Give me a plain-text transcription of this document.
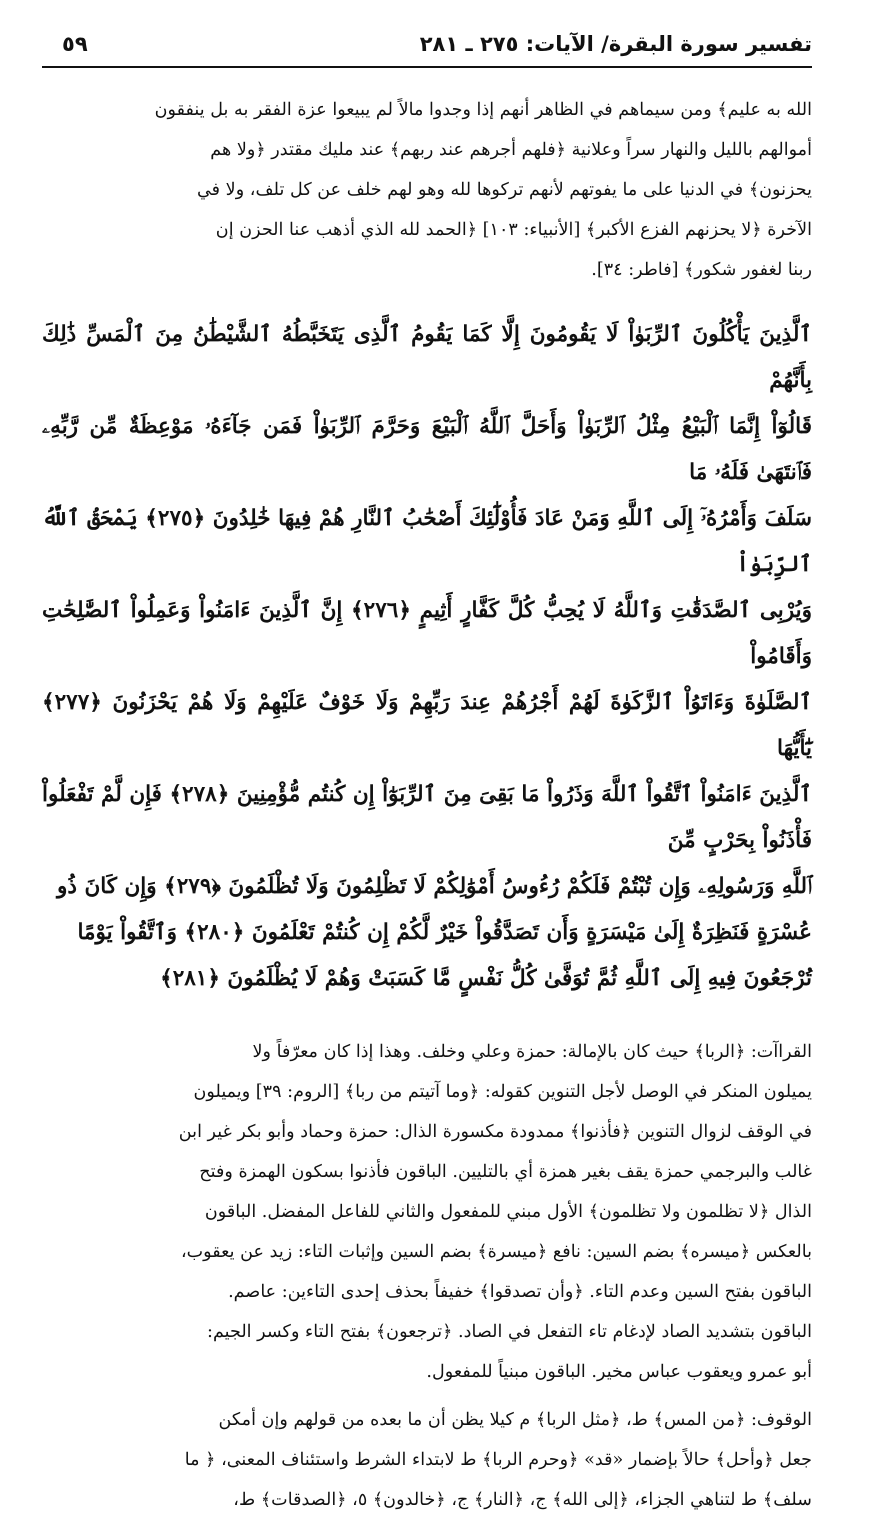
تفسير سورة البقرة/ الآيات: ٢٧٥ ـ ٢٨١
٥٩

الله به عليم﴾ ومن سيماهم في الظاهر أنهم إذا وجدوا مالاً لم يبيعوا عزة الفقر به بل ينفقون
أموالهم بالليل والنهار سراً وعلانية ﴿فلهم أجرهم عند ربهم﴾ عند مليك مقتدر ﴿ولا هم
يحزنون﴾ في الدنيا على ما يفوتهم لأنهم تركوها لله وهو لهم خلف عن كل تلف، ولا في
الآخرة ﴿لا يحزنهم الفزع الأكبر﴾ [الأنبياء: ١٠٣] ﴿الحمد لله الذي أذهب عنا الحزن إن
ربنا لغفور شكور﴾ [فاطر: ٣٤].

ٱلَّذِينَ يَأْكُلُونَ ٱلرِّبَوٰاْ لَا يَقُومُونَ إِلَّا كَمَا يَقُومُ ٱلَّذِى يَتَخَبَّطُهُ ٱلشَّيْطَٰنُ مِنَ ٱلْمَسِّ ذَٰلِكَ بِأَنَّهُمْ
قَالُوٓاْ إِنَّمَا ٱلْبَيْعُ مِثْلُ ٱلرِّبَوٰاْ وَأَحَلَّ ٱللَّهُ ٱلْبَيْعَ وَحَرَّمَ ٱلرِّبَوٰاْ فَمَن جَآءَهُۥ مَوْعِظَةٌ مِّن رَّبِّهِۦ فَٱنتَهَىٰ فَلَهُۥ مَا
سَلَفَ وَأَمْرُهُۥٓ إِلَى ٱللَّهِ وَمَنْ عَادَ فَأُوْلَٰٓئِكَ أَصْحَٰبُ ٱلنَّارِ هُمْ فِيهَا خَٰلِدُونَ ﴿٢٧٥﴾ يَمْحَقُ ٱللَّهُ ٱلرِّبَوٰاْ
وَيُرْبِى ٱلصَّدَقَٰتِ وَٱللَّهُ لَا يُحِبُّ كُلَّ كَفَّارٍ أَثِيمٍ ﴿٢٧٦﴾ إِنَّ ٱلَّذِينَ ءَامَنُواْ وَعَمِلُواْ ٱلصَّٰلِحَٰتِ وَأَقَامُواْ
ٱلصَّلَوٰةَ وَءَاتَوُاْ ٱلزَّكَوٰةَ لَهُمْ أَجْرُهُمْ عِندَ رَبِّهِمْ وَلَا خَوْفٌ عَلَيْهِمْ وَلَا هُمْ يَحْزَنُونَ ﴿٢٧٧﴾ يَٰٓأَيُّهَا
ٱلَّذِينَ ءَامَنُواْ ٱتَّقُواْ ٱللَّهَ وَذَرُواْ مَا بَقِىَ مِنَ ٱلرِّبَوٰٓاْ إِن كُنتُم مُّؤْمِنِينَ ﴿٢٧٨﴾ فَإِن لَّمْ تَفْعَلُواْ فَأْذَنُواْ بِحَرْبٍ مِّنَ
ٱللَّهِ وَرَسُولِهِۦ وَإِن تُبْتُمْ فَلَكُمْ رُءُوسُ أَمْوَٰلِكُمْ لَا تَظْلِمُونَ وَلَا تُظْلَمُونَ ﴿٢٧٩﴾ وَإِن كَانَ ذُو
عُسْرَةٍ فَنَظِرَةٌ إِلَىٰ مَيْسَرَةٍ وَأَن تَصَدَّقُواْ خَيْرٌ لَّكُمْ إِن كُنتُمْ تَعْلَمُونَ ﴿٢٨٠﴾ وَٱتَّقُواْ يَوْمًا
تُرْجَعُونَ فِيهِ إِلَى ٱللَّهِ ثُمَّ تُوَفَّىٰ كُلُّ نَفْسٍ مَّا كَسَبَتْ وَهُمْ لَا يُظْلَمُونَ ﴿٢٨١﴾

القراآت: ﴿الربا﴾ حيث كان بالإمالة: حمزة وعلي وخلف. وهذا إذا كان معرّفاً ولا
يميلون المنكر في الوصل لأجل التنوين كقوله: ﴿وما آتيتم من ربا﴾ [الروم: ٣٩] ويميلون
في الوقف لزوال التنوين ﴿فأذنوا﴾ ممدودة مكسورة الذال: حمزة وحماد وأبو بكر غير ابن
غالب والبرجمي حمزة يقف بغير همزة أي بالتليين. الباقون فأذنوا بسكون الهمزة وفتح
الذال ﴿لا تظلمون ولا تظلمون﴾ الأول مبني للمفعول والثاني للفاعل المفضل. الباقون
بالعكس ﴿ميسره﴾ بضم السين: نافع ﴿ميسرة﴾ بضم السين وإثبات التاء: زيد عن يعقوب،
الباقون بفتح السين وعدم التاء. ﴿وأن تصدقوا﴾ خفيفاً بحذف إحدى التاءين: عاصم.
الباقون بتشديد الصاد لإدغام تاء التفعل في الصاد. ﴿ترجعون﴾ بفتح التاء وكسر الجيم:
أبو عمرو ويعقوب عباس مخير. الباقون مبنياً للمفعول.

الوقوف: ﴿من المس﴾ ط، ﴿مثل الربا﴾ م كيلا يظن أن ما بعده من قولهم وإن أمكن
جعل ﴿وأحل﴾ حالاً بإضمار «قد» ﴿وحرم الربا﴾ ط لابتداء الشرط واستئناف المعنى، ﴿ ما
سلف﴾ ط لتناهي الجزاء، ﴿إلى الله﴾ ج، ﴿النار﴾ ج، ﴿خالدون﴾ ٥، ﴿الصدقات﴾ ط،
